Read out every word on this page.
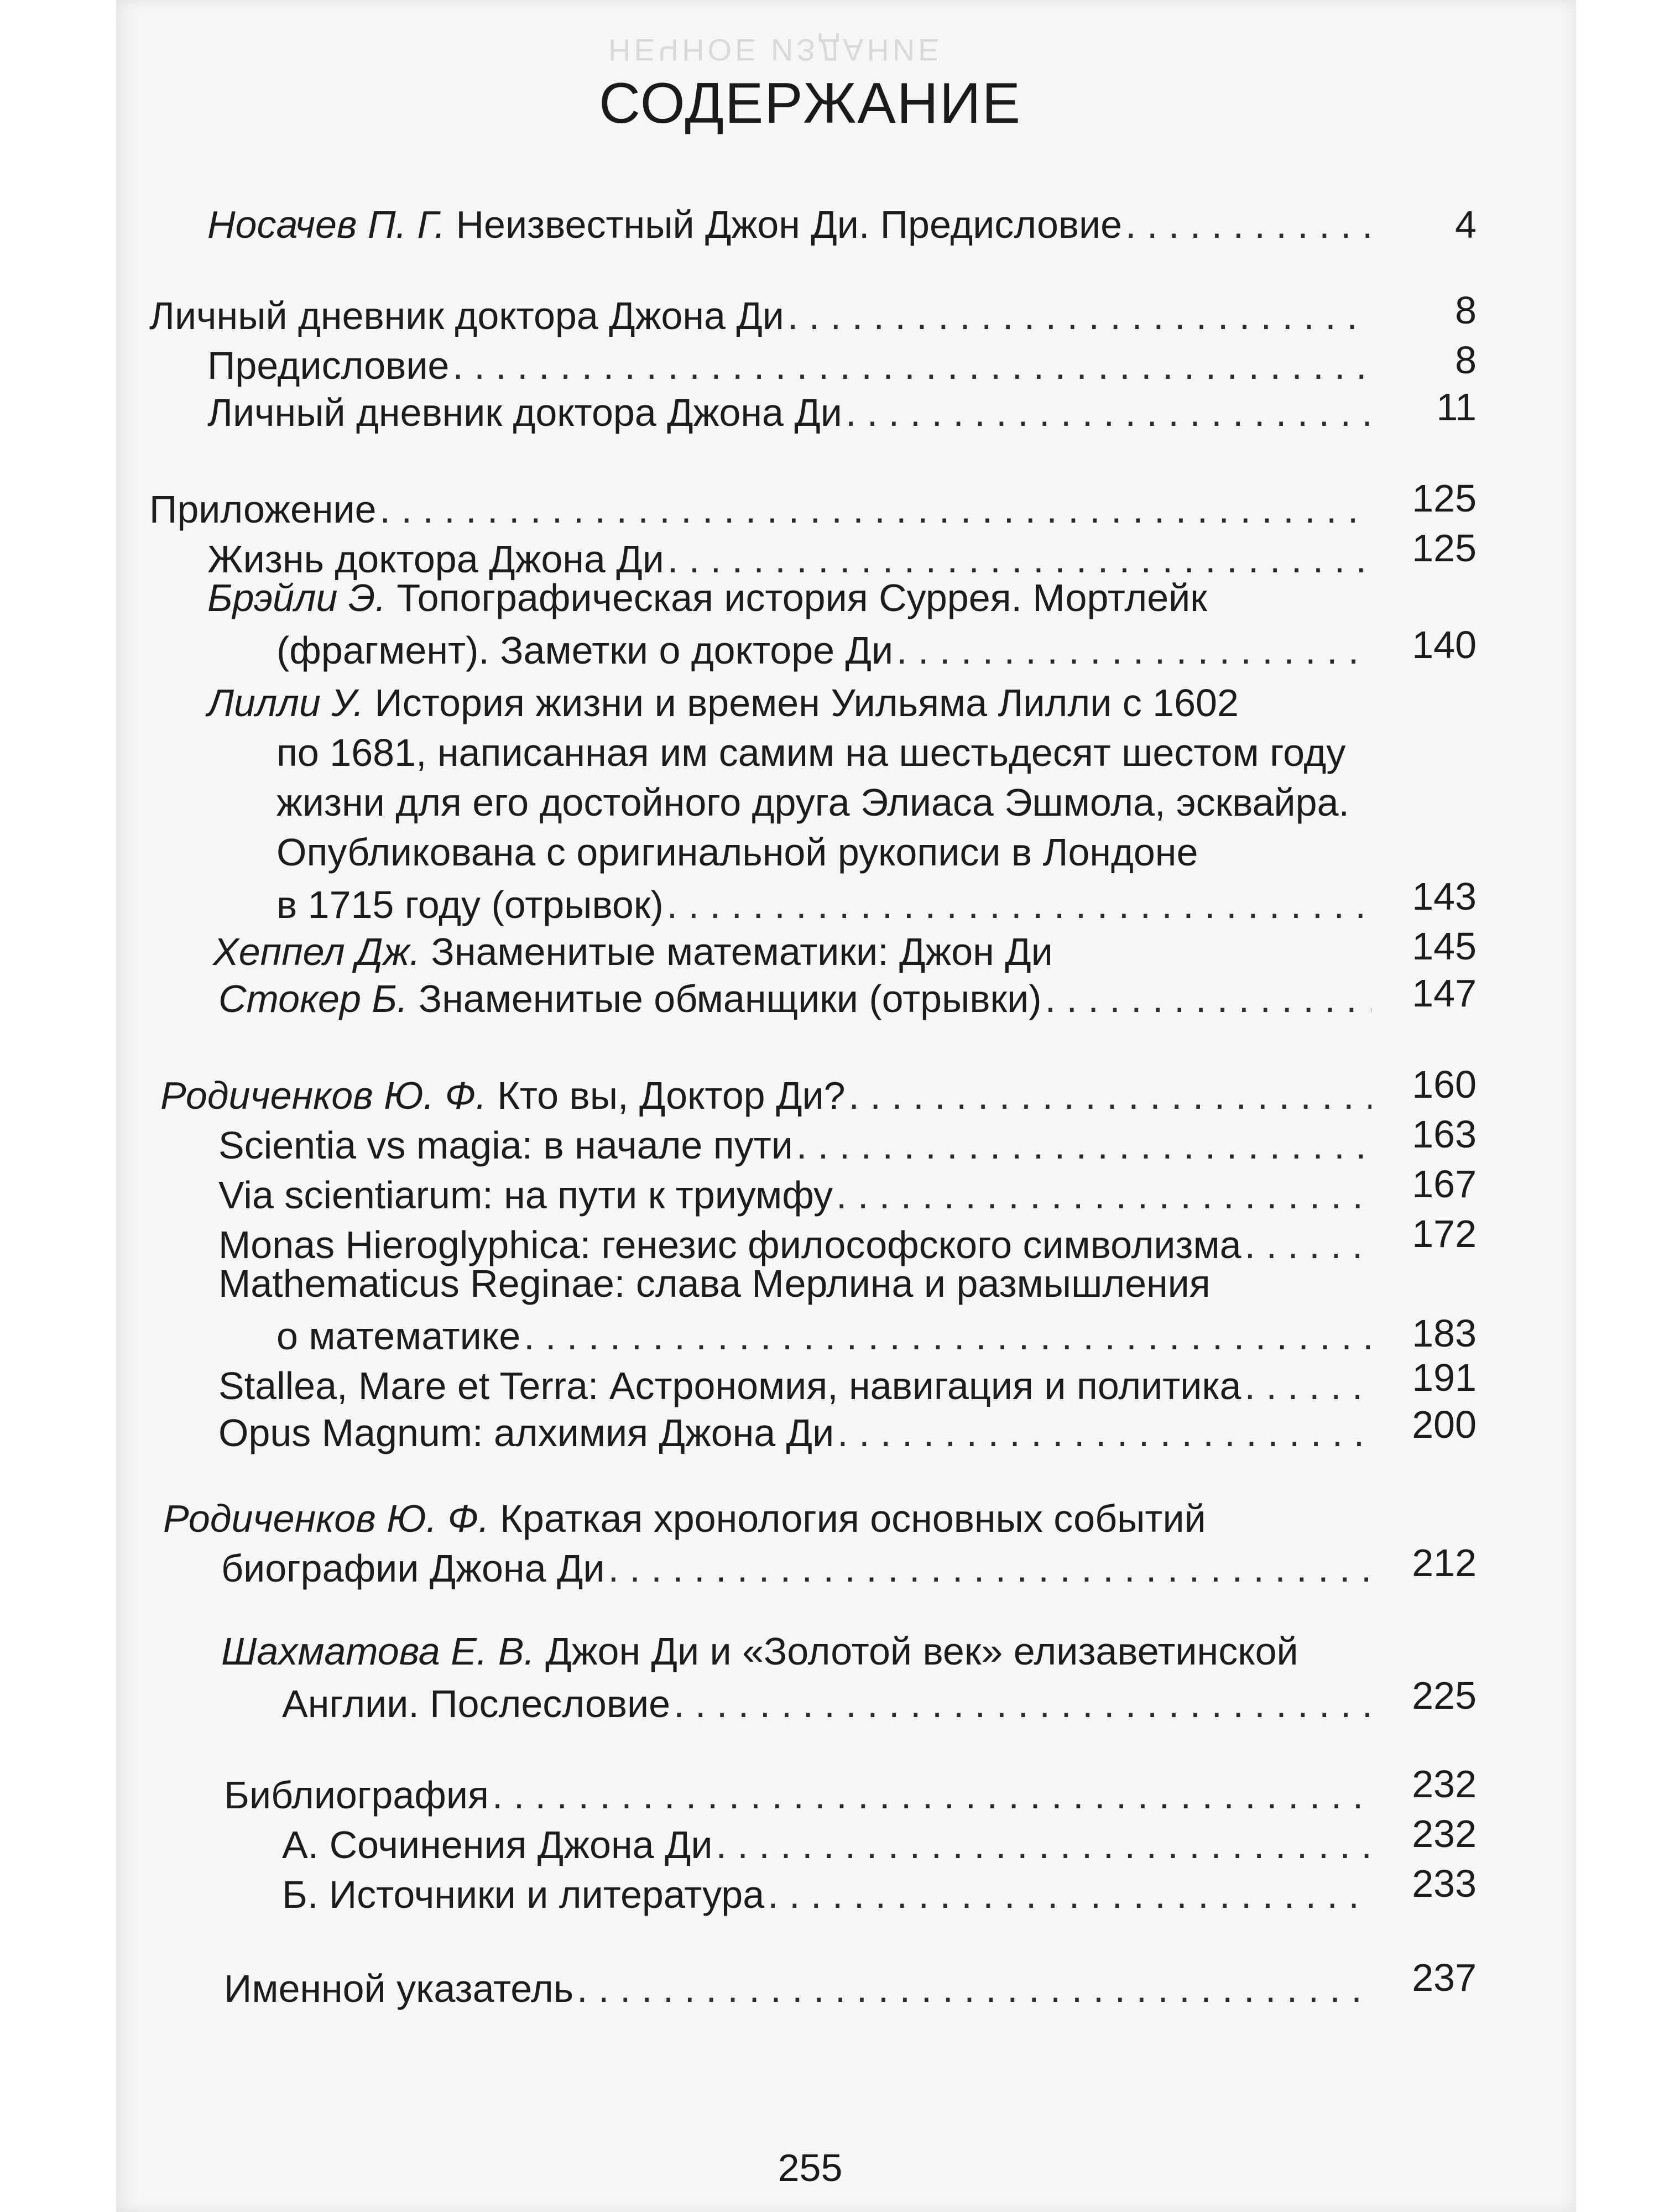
НЕЧНОЕ ИЗДАНИЕ
СОДЕРЖАНИЕ
Носачев П. Г. Неизвестный Джон Ди. Предисловие . . .	4
Личный дневник доктора Джона Ди . . .	8
Предисловие . . .	8
Личный дневник доктора Джона Ди . . .	11
Приложение . . .	125
Жизнь доктора Джона Ди . . .	125
Брэйли Э. Топографическая история Суррея. Мортлейк
(фрагмент). Заметки о докторе Ди . . .	140
Лилли У. История жизни и времен Уильяма Лилли с 1602
по 1681, написанная им самим на шестьдесят шестом году
жизни для его достойного друга Элиаса Эшмола, эсквайра.
Опубликована с оригинальной рукописи в Лондоне
в 1715 году (отрывок) . . .	143
Хеппел Дж. Знаменитые математики: Джон Ди	145
Стокер Б. Знаменитые обманщики (отрывки) . . .	147
Родиченков Ю. Ф. Кто вы, Доктор Ди? . . .	160
Scientia vs magia: в начале пути . . .	163
Via scientiarum: на пути к триумфу . . .	167
Monas Hieroglyphica: генезис философского символизма . . .	172
Mathematicus Reginae: слава Мерлина и размышления
о математике . . .	183
Stallea, Mare et Terra: Астрономия, навигация и политика . . .	191
Opus Magnum: алхимия Джона Ди . . .	200
Родиченков Ю. Ф. Краткая хронология основных событий
биографии Джона Ди . . .	212
Шахматова Е. В. Джон Ди и «Золотой век» елизаветинской
Англии. Послесловие . . .	225
Библиография . . .	232
А. Сочинения Джона Ди . . .	232
Б. Источники и литература . . .	233
Именной указатель . . .	237
255
